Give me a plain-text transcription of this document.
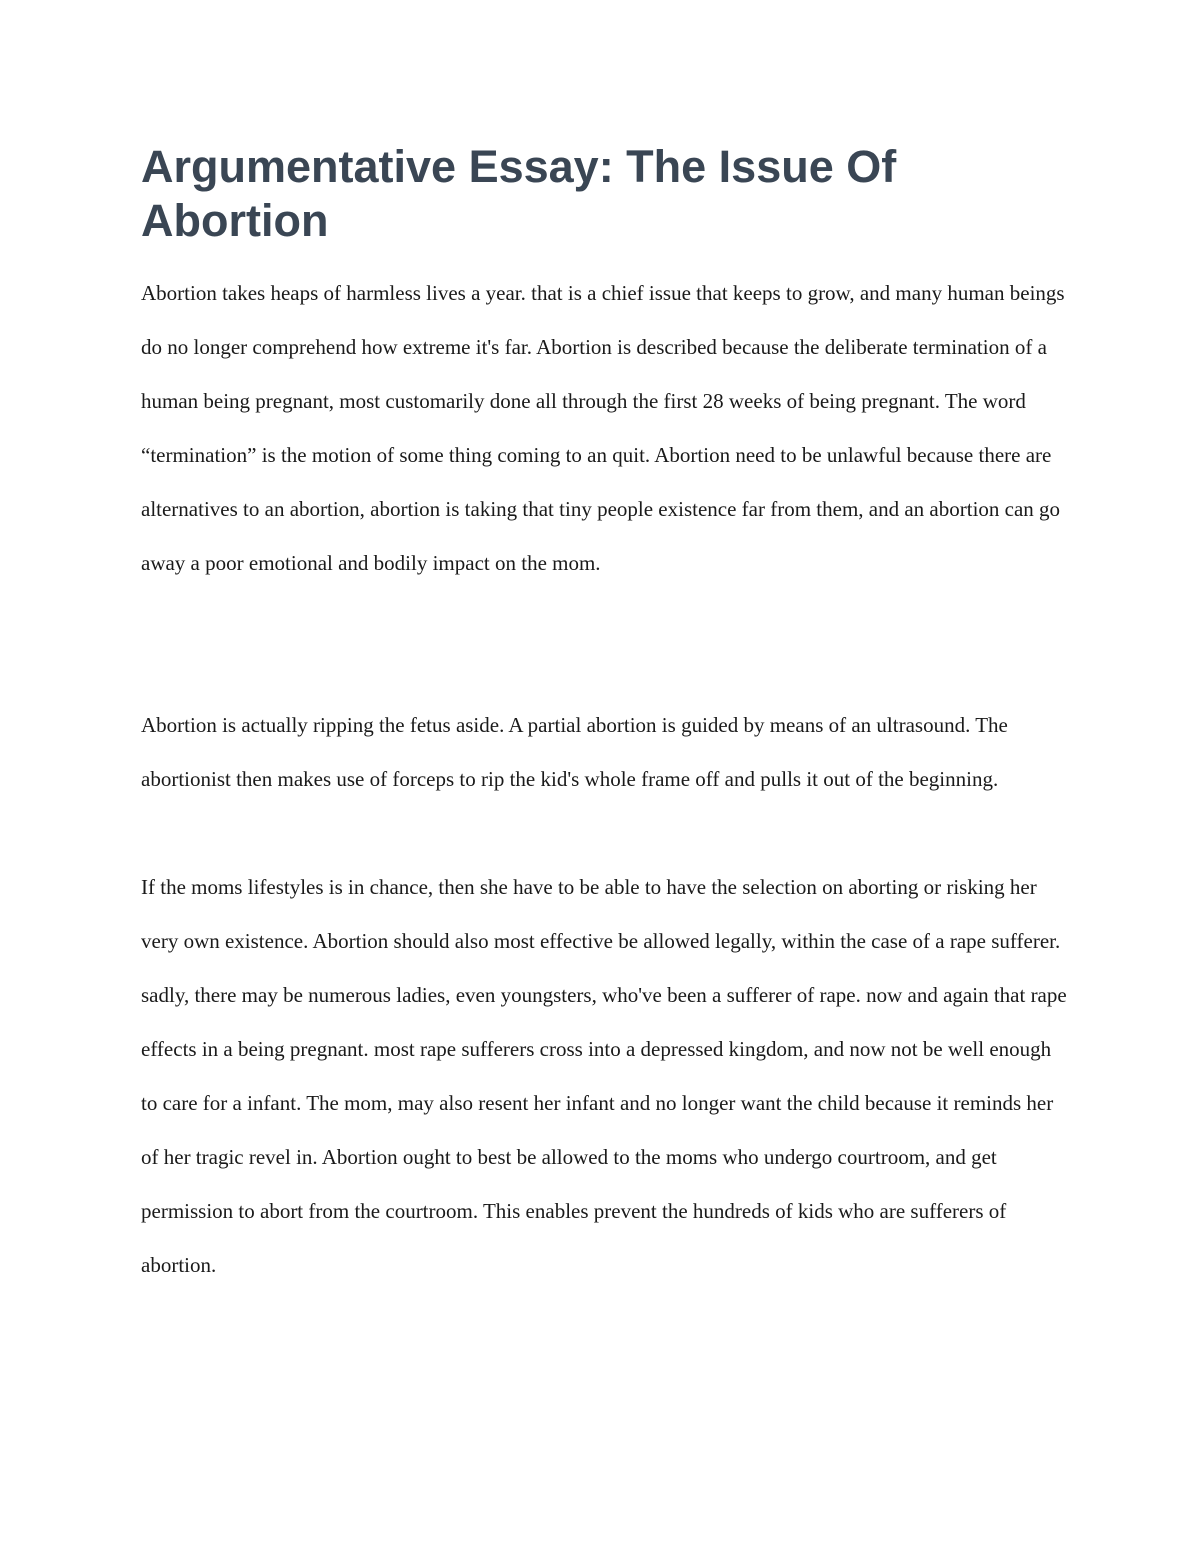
Argumentative Essay: The Issue Of Abortion

Abortion takes heaps of harmless lives a year. that is a chief issue that keeps to grow, and many human beings do no longer comprehend how extreme it's far. Abortion is described because the deliberate termination of a human being pregnant, most customarily done all through the first 28 weeks of being pregnant. The word “termination” is the motion of some thing coming to an quit. Abortion need to be unlawful because there are alternatives to an abortion, abortion is taking that tiny people existence far from them, and an abortion can go away a poor emotional and bodily impact on the mom.

Abortion is actually ripping the fetus aside. A partial abortion is guided by means of an ultrasound. The abortionist then makes use of forceps to rip the kid's whole frame off and pulls it out of the beginning.

If the moms lifestyles is in chance, then she have to be able to have the selection on aborting or risking her very own existence. Abortion should also most effective be allowed legally, within the case of a rape sufferer. sadly, there may be numerous ladies, even youngsters, who've been a sufferer of rape. now and again that rape effects in a being pregnant. most rape sufferers cross into a depressed kingdom, and now not be well enough to care for a infant. The mom, may also resent her infant and no longer want the child because it reminds her of her tragic revel in. Abortion ought to best be allowed to the moms who undergo courtroom, and get permission to abort from the courtroom. This enables prevent the hundreds of kids who are sufferers of abortion.
